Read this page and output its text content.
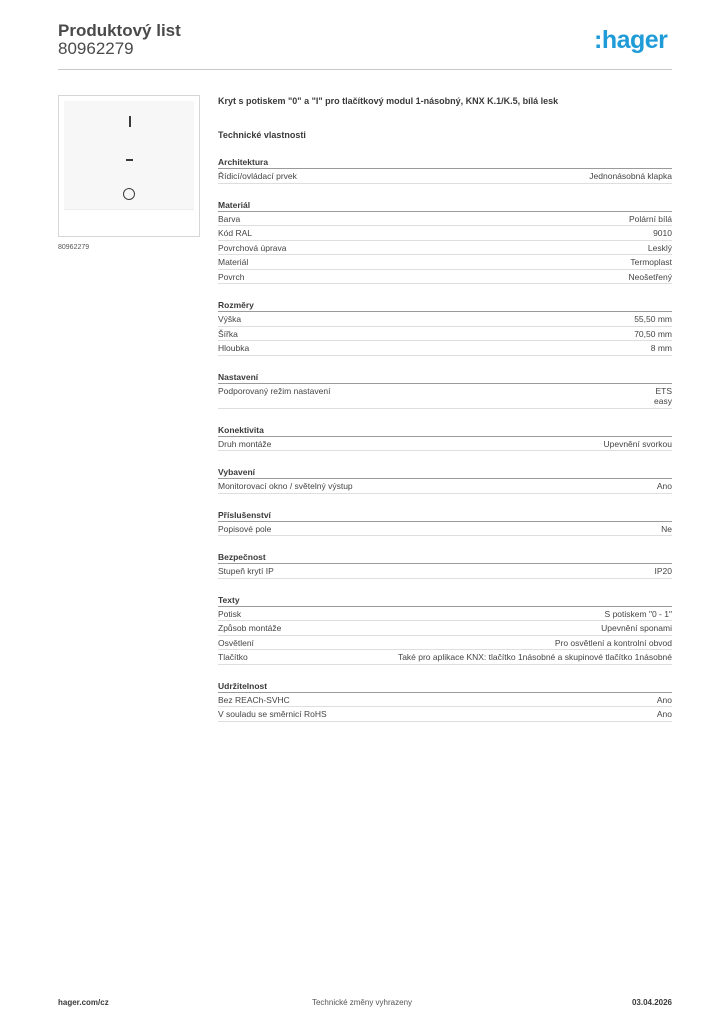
Produktový list
80962279	:hager
80962279
Kryt s potiskem "0" a "I" pro tlačítkový modul 1-násobný, KNX K.1/K.5, bílá lesk
Technické vlastnosti
Architektura
Řídicí/ovládací prvek	Jednonásobná klapka
Materiál
Barva	Polární bílá
Kód RAL	9010
Povrchová úprava	Lesklý
Materiál	Termoplast
Povrch	Neošetřený
Rozměry
Výška	55,50 mm
Šířka	70,50 mm
Hloubka	8 mm
Nastavení
Podporovaný režim nastavení	ETS
easy
Konektivita
Druh montáže	Upevnění svorkou
Vybavení
Monitorovací okno / světelný výstup	Ano
Příslušenství
Popisové pole	Ne
Bezpečnost
Stupeň krytí IP	IP20
Texty
Potisk	S potiskem "0 - 1"
Způsob montáže	Upevnění sponami
Osvětlení	Pro osvětlení a kontrolní obvod
Tlačítko	Také pro aplikace KNX: tlačítko 1násobné a skupinové tlačítko 1násobné
Udržitelnost
Bez REACh-SVHC	Ano
V souladu se směrnicí RoHS	Ano
hager.com/cz	Technické změny vyhrazeny	03.04.2026
